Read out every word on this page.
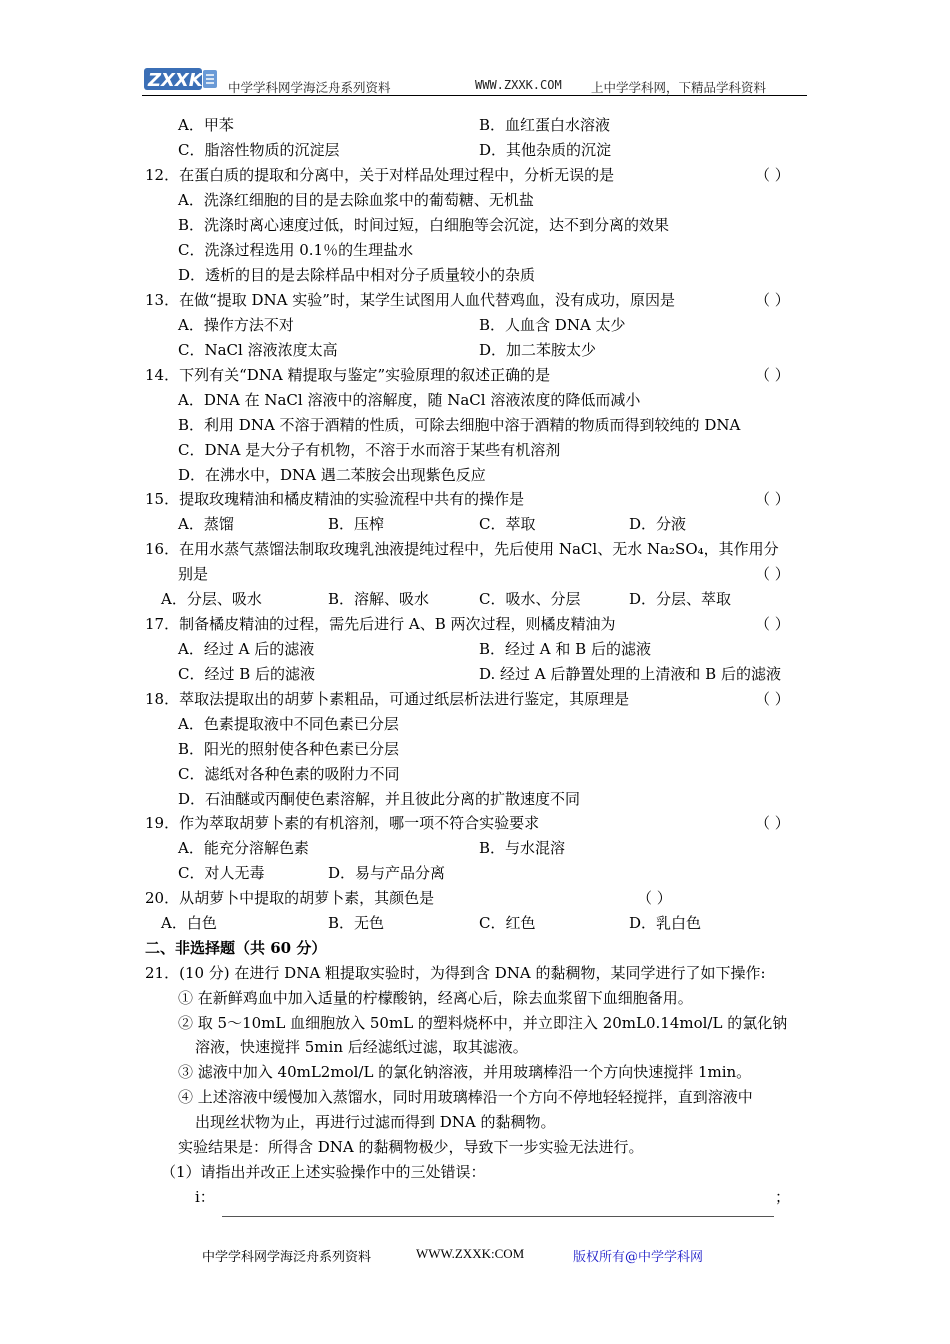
ZXXK 中学学科网学海泛舟系列资料	WWW.ZXXK.COM 上中学学科网，下精品学科资料
A．甲苯	B．血红蛋白水溶液
C．脂溶性物质的沉淀层	D．其他杂质的沉淀
12．在蛋白质的提取和分离中，关于对样品处理过程中，分析无误的是
A．洗涤红细胞的目的是去除血浆中的葡萄糖、无机盐
B．洗涤时离心速度过低，时间过短，白细胞等会沉淀，达不到分离的效果
C．洗涤过程选用 0.1％的生理盐水
D．透析的目的是去除样品中相对分子质量较小的杂质
13．在做“提取 DNA 实验”时，某学生试图用人血代替鸡血，没有成功，原因是
A．操作方法不对	B．人血含 DNA 太少
C．NaCl 溶液浓度太高	D．加二苯胺太少
14．下列有关“DNA 精提取与鉴定”实验原理的叙述正确的是
A．DNA 在 NaCl 溶液中的溶解度，随 NaCl 溶液浓度的降低而减小
B．利用 DNA 不溶于酒精的性质，可除去细胞中溶于酒精的物质而得到较纯的 DNA
C．DNA 是大分子有机物，不溶于水而溶于某些有机溶剂
D．在沸水中，DNA 遇二苯胺会出现紫色反应
15．提取玫瑰精油和橘皮精油的实验流程中共有的操作是
A．蒸馏	B．压榨	C．萃取	D．分液
16．在用水蒸气蒸馏法制取玫瑰乳浊液提纯过程中，先后使用 NaCl、无水 Na₂SO₄，其作用分
别是
A．分层、吸水	B．溶解、吸水	C．吸水、分层	D．分层、萃取
17．制备橘皮精油的过程，需先后进行 A、B 两次过程，则橘皮精油为
A．经过 A 后的滤液	B．经过 A 和 B 后的滤液
C．经过 B 后的滤液	D. 经过 A 后静置处理的上清液和 B 后的滤液
18．萃取法提取出的胡萝卜素粗品，可通过纸层析法进行鉴定，其原理是
A．色素提取液中不同色素已分层
B．阳光的照射使各种色素已分层
C．滤纸对各种色素的吸附力不同
D．石油醚或丙酮使色素溶解，并且彼此分离的扩散速度不同
19．作为萃取胡萝卜素的有机溶剂，哪一项不符合实验要求
A．能充分溶解色素	B．与水混溶
C．对人无毒	D．易与产品分离
20．从胡萝卜中提取的胡萝卜素，其颜色是
A．白色	B．无色	C．红色	D．乳白色
二、非选择题（共 60 分）
21．(10 分) 在进行 DNA 粗提取实验时，为得到含 DNA 的黏稠物，某同学进行了如下操作:
① 在新鲜鸡血中加入适量的柠檬酸钠，经离心后，除去血浆留下血细胞备用。
② 取 5～10mL 血细胞放入 50mL 的塑料烧杯中，并立即注入 20mL0.14mol/L 的氯化钠
溶液，快速搅拌 5min 后经滤纸过滤，取其滤液。
③ 滤液中加入 40mL2mol/L 的氯化钠溶液，并用玻璃棒沿一个方向快速搅拌 1min。
④ 上述溶液中缓慢加入蒸馏水，同时用玻璃棒沿一个方向不停地轻轻搅拌，直到溶液中
出现丝状物为止，再进行过滤而得到 DNA 的黏稠物。
实验结果是：所得含 DNA 的黏稠物极少，导致下一步实验无法进行。
（1）请指出并改正上述实验操作中的三处错误：
ⅰ：	；
（ ）
（ ）
（ ）
（ ）
（ ）
（ ）
（ ）
（ ）
（ ）
中学学科网学海泛舟系列资料	WWW.ZXXK:COM	版权所有@中学学科网
